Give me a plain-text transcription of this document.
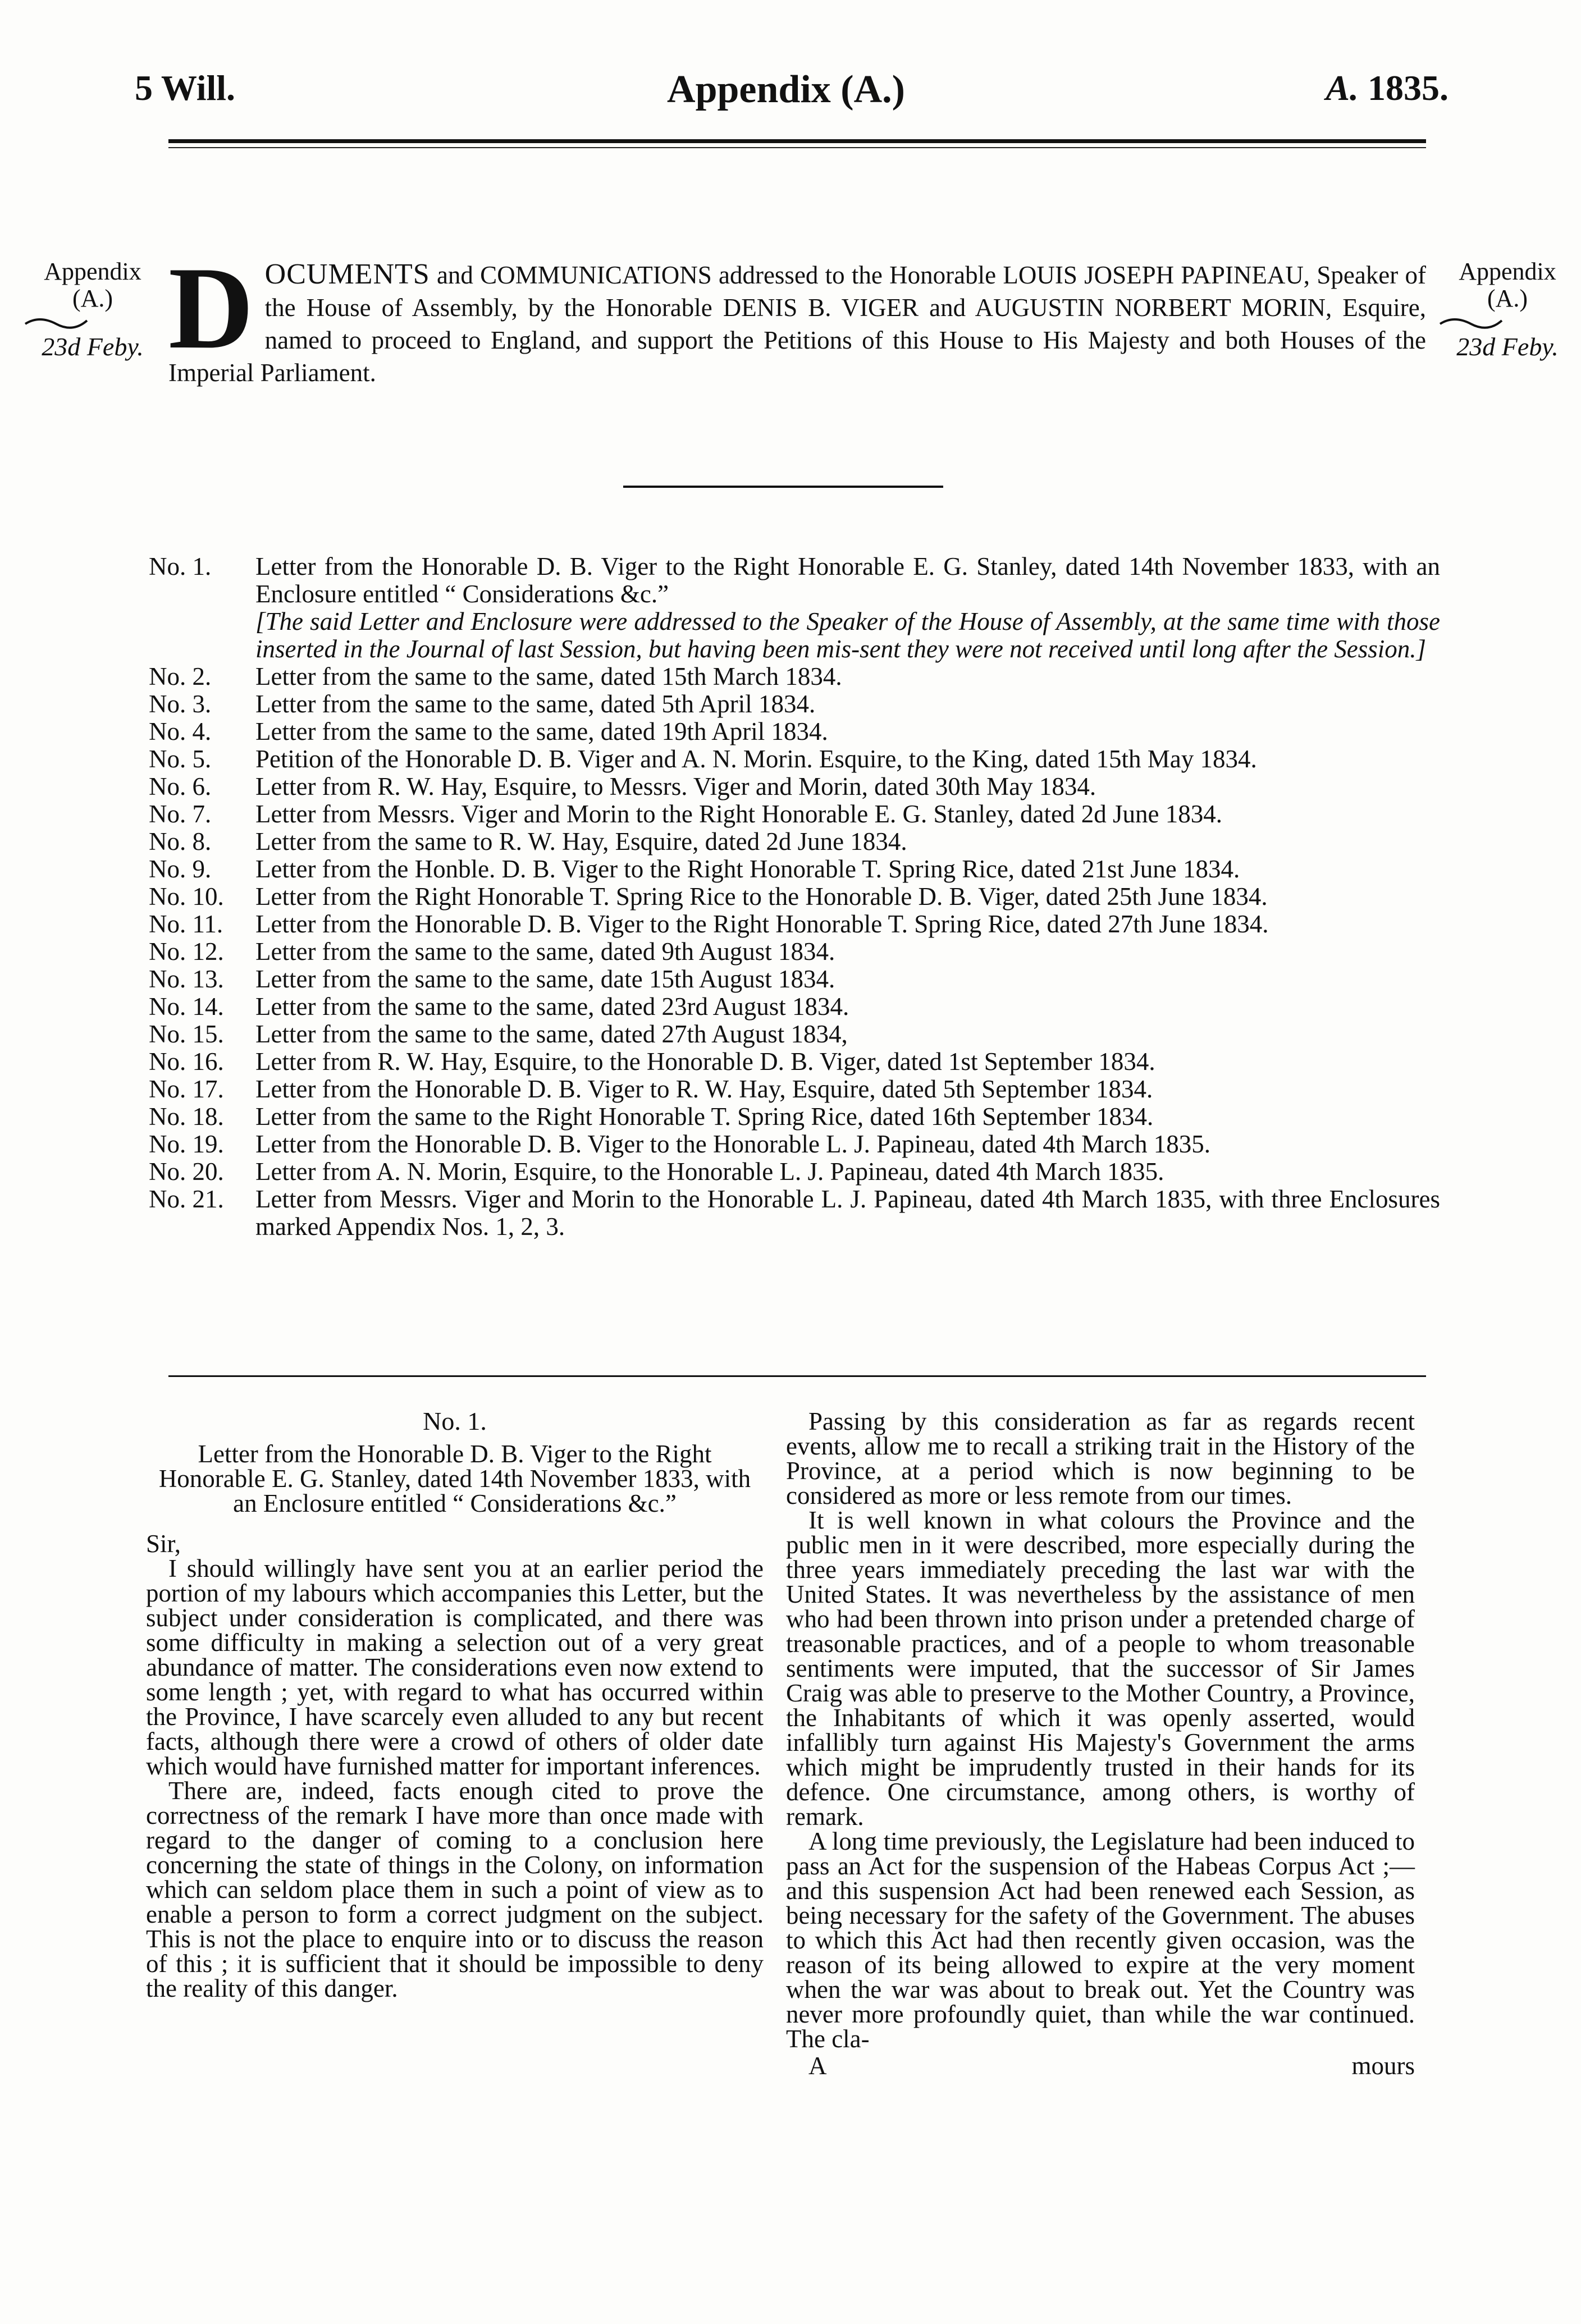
5 Will.	Appendix (A.)	A. 1835.
Appendix
(A.)
23d Feby.
Appendix
(A.)
23d Feby.
D OCUMENTS and COMMUNICATIONS addressed to the Honorable LOUIS JOSEPH PAPINEAU, Speaker of the House of Assembly, by the Honorable DENIS B. VIGER and AUGUSTIN NORBERT MORIN, Esquire, named to proceed to England, and support the Petitions of this House to His Majesty and both Houses of the Imperial Parliament.
No. 1.	Letter from the Honorable D. B. Viger to the Right Honorable E. G. Stanley, dated 14th November 1833, with an Enclosure entitled “ Considerations &c.”
[The said Letter and Enclosure were addressed to the Speaker of the House of Assembly, at the same time with those inserted in the Journal of last Session, but having been mis-sent they were not received until long after the Session.]
No. 2.	Letter from the same to the same, dated 15th March 1834.
No. 3.	Letter from the same to the same, dated 5th April 1834.
No. 4.	Letter from the same to the same, dated 19th April 1834.
No. 5.	Petition of the Honorable D. B. Viger and A. N. Morin. Esquire, to the King, dated 15th May 1834.
No. 6.	Letter from R. W. Hay, Esquire, to Messrs. Viger and Morin, dated 30th May 1834.
No. 7.	Letter from Messrs. Viger and Morin to the Right Honorable E. G. Stanley, dated 2d June 1834.
No. 8.	Letter from the same to R. W. Hay, Esquire, dated 2d June 1834.
No. 9.	Letter from the Honble. D. B. Viger to the Right Honorable T. Spring Rice, dated 21st June 1834.
No. 10.	Letter from the Right Honorable T. Spring Rice to the Honorable D. B. Viger, dated 25th June 1834.
No. 11.	Letter from the Honorable D. B. Viger to the Right Honorable T. Spring Rice, dated 27th June 1834.
No. 12.	Letter from the same to the same, dated 9th August 1834.
No. 13.	Letter from the same to the same, date 15th August 1834.
No. 14.	Letter from the same to the same, dated 23rd August 1834.
No. 15.	Letter from the same to the same, dated 27th August 1834,
No. 16.	Letter from R. W. Hay, Esquire, to the Honorable D. B. Viger, dated 1st September 1834.
No. 17.	Letter from the Honorable D. B. Viger to R. W. Hay, Esquire, dated 5th September 1834.
No. 18.	Letter from the same to the Right Honorable T. Spring Rice, dated 16th September 1834.
No. 19.	Letter from the Honorable D. B. Viger to the Honorable L. J. Papineau, dated 4th March 1835.
No. 20.	Letter from A. N. Morin, Esquire, to the Honorable L. J. Papineau, dated 4th March 1835.
No. 21.	Letter from Messrs. Viger and Morin to the Honorable L. J. Papineau, dated 4th March 1835, with three Enclosures marked Appendix Nos. 1, 2, 3.
No. 1.
Letter from the Honorable D. B. Viger to the Right Honorable E. G. Stanley, dated 14th November 1833, with an Enclosure entitled “ Considerations &c.”
Sir,

I should willingly have sent you at an earlier period the portion of my labours which accompanies this Letter, but the subject under consideration is complicated, and there was some difficulty in making a selection out of a very great abundance of matter. The considerations even now extend to some length ; yet, with regard to what has occurred within the Province, I have scarcely even alluded to any but recent facts, although there were a crowd of others of older date which would have furnished matter for important inferences.

There are, indeed, facts enough cited to prove the correctness of the remark I have more than once made with regard to the danger of coming to a conclusion here concerning the state of things in the Colony, on information which can seldom place them in such a point of view as to enable a person to form a correct judgment on the subject. This is not the place to enquire into or to discuss the reason of this ; it is sufficient that it should be impossible to deny the reality of this danger.

Passing by this consideration as far as regards recent events, allow me to recall a striking trait in the History of the Province, at a period which is now beginning to be considered as more or less remote from our times.

It is well known in what colours the Province and the public men in it were described, more especially during the three years immediately preceding the last war with the United States. It was nevertheless by the assistance of men who had been thrown into prison under a pretended charge of treasonable practices, and of a people to whom treasonable sentiments were imputed, that the successor of Sir James Craig was able to preserve to the Mother Country, a Province, the Inhabitants of which it was openly asserted, would infallibly turn against His Majesty's Government the arms which might be imprudently trusted in their hands for its defence. One circumstance, among others, is worthy of remark.

A long time previously, the Legislature had been induced to pass an Act for the suspension of the Habeas Corpus Act ;—and this suspension Act had been renewed each Session, as being necessary for the safety of the Government. The abuses to which this Act had then recently given occasion, was the reason of its being allowed to expire at the very moment when the war was about to break out. Yet the Country was never more profoundly quiet, than while the war continued. The cla-

A	mours
